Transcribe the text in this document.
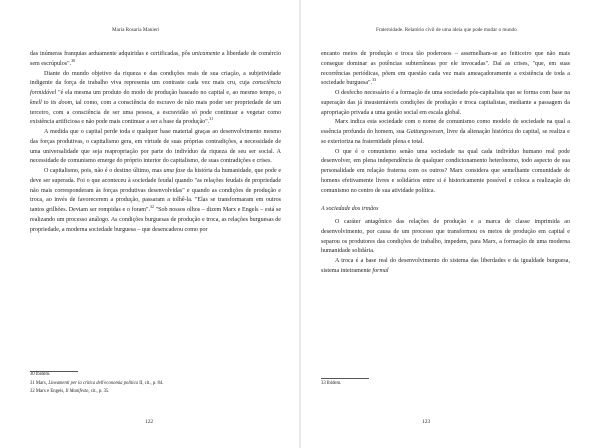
Maria Rosaria Manieri

das inúmeras franquias arduamente adquiridas e certificadas, pôs unicamente a liberdade de comércio sem escrúpulos".$^{30}$

Diante do mundo objetivo da riqueza e das condições reais de sua criação, a subjetividade indigente da força de trabalho viva representa um contraste cada vez mais cru, cuja consciência formidável "é ela mesma um produto do modo de produção baseado no capital e, ao mesmo tempo, o knell to its doom, tal como, com a consciência do escravo de não mais poder ser propriedade de um terceiro, com a consciência de ser uma pessoa, a escravidão só pode continuar a vegetar como existência artificiosa e não pode mais continuar a ser a base da produção".$^{31}$

A medida que o capital perde toda e qualquer base material graças ao desenvolvimento mesmo das forças produtivas, o capitalismo gera, em virtude de suas próprias contradições, a necessidade de uma universalidade que seja reapropriação por parte do indivíduo da riqueza de seu ser social. A necessidade de comunismo emerge do próprio interior do capitalismo, de suas contradições e crises.

O capitalismo, pois, não é o destino último, mas uma fase da história da humanidade, que pode e deve ser superada. Foi o que aconteceu à sociedade feudal quando "as relações feudais de propriedade não mais corresponderam às forças produtivas desenvolvidas" e quando as condições de produção e troca, ao invés de favorecerem a produção, passaram a tolhê-la. "Elas se transformaram em outros tantos grilhões. Deviam ser rompidas e o foram".$^{32}$ "Sob nossos olhos – dizem Marx e Engels – está se realizando um processo análogo. As condições burguesas de produção e troca, as relações burguesas de propriedade, a moderna sociedade burguesa – que desencadeou como por

30 Ibidem.
31 Marx, Lineamenti per la critica dell'economia politica II, cit., p. 84.
32 Marx e Engels, Il Manifesto, cit., p. 35.
122
Fraternidade. Relatório civil de uma ideia que pode mudar o mundo

encanto meios de produção e troca tão poderosos – assemelham-se ao feiticeiro que não mais consegue dominar as potências subterrâneas por ele invocadas". Daí as crises, "que, em suas recorrências periódicas, põem em questão cada vez mais ameaçadoramente a existência de toda a sociedade burguesa".$^{33}$

O desfecho necessário é a formação de uma sociedade pós-capitalista que se forma com base na superação das já insustentáveis condições de produção e troca capitalistas, mediante a passagem da apropriação privada a uma gestão social em escala global.

Marx indica esta sociedade com o nome de comunismo como modelo de sociedade na qual a essência profunda do homem, sua Gattungswesen, livre da alienação histórica do capital, se realiza e se exterioriza na fraternidade plena e total.

O que é o comunismo senão uma sociedade na qual cada indivíduo humano real pode desenvolver, em plena independência de qualquer condicionamento heterônomo, todo aspecto de sua personalidade em relação fraterna com os outros? Marx considera que semelhante comunidade de homens efetivamente livres e solidários entre si é historicamente possível e coloca a realização do comunismo no centro de sua atividade política.

A sociedade dos irmãos

O caráter antagônico das relações de produção e a marca de classe imprimida ao desenvolvimento, por causa de um processo que transformou os meios de produção em capital e separou os produtores das condições de trabalho, impedem, para Marx, a formação de uma moderna humanidade solidária.

A troca é a base real do desenvolvimento do sistema das liberdades e da igualdade burguesa, sistema inteiramente formal

33 Ibidem.
123
